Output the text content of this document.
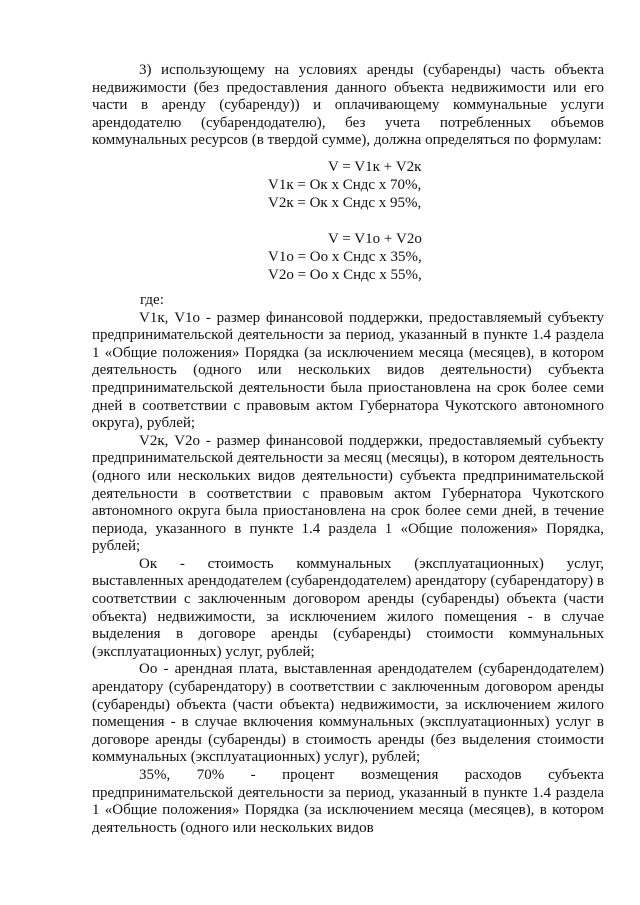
3) использующему на условиях аренды (субаренды) часть объекта недвижимости (без предоставления данного объекта недвижимости или его части в аренду (субаренду)) и оплачивающему коммунальные услуги арендодателю (субарендодателю), без учета потребленных объемов коммунальных ресурсов (в твердой сумме), должна определяться по формулам:

V = V1к + V2к
V1к = Ок x Cндс x 70%,
V2к = Ок x Cндс x 95%,
V = V1о + V2о
V1о = Оо x Cндс x 35%,
V2о = Оо x Cндс x 55%,

где:

V1к, V1о - размер финансовой поддержки, предоставляемый субъекту предпринимательской деятельности за период, указанный в пункте 1.4 раздела 1 «Общие положения» Порядка (за исключением месяца (месяцев), в котором деятельность (одного или нескольких видов деятельности) субъекта предпринимательской деятельности была приостановлена на срок более семи дней в соответствии с правовым актом Губернатора Чукотского автономного округа), рублей;

V2к, V2о - размер финансовой поддержки, предоставляемый субъекту предпринимательской деятельности за месяц (месяцы), в котором деятельность (одного или нескольких видов деятельности) субъекта предпринимательской деятельности в соответствии с правовым актом Губернатора Чукотского автономного округа была приостановлена на срок более семи дней, в течение периода, указанного в пункте 1.4 раздела 1 «Общие положения» Порядка, рублей;

Ок - стоимость коммунальных (эксплуатационных) услуг, выставленных арендодателем (субарендодателем) арендатору (субарендатору) в соответствии с заключенным договором аренды (субаренды) объекта (части объекта) недвижимости, за исключением жилого помещения - в случае выделения в договоре аренды (субаренды) стоимости коммунальных (эксплуатационных) услуг, рублей;

Оо - арендная плата, выставленная арендодателем (субарендодателем) арендатору (субарендатору) в соответствии с заключенным договором аренды (субаренды) объекта (части объекта) недвижимости, за исключением жилого помещения - в случае включения коммунальных (эксплуатационных) услуг в договоре аренды (субаренды) в стоимость аренды (без выделения стоимости коммунальных (эксплуатационных) услуг), рублей;

35%, 70% - процент возмещения расходов субъекта предпринимательской деятельности за период, указанный в пункте 1.4 раздела 1 «Общие положения» Порядка (за исключением месяца (месяцев), в котором деятельность (одного или нескольких видов
